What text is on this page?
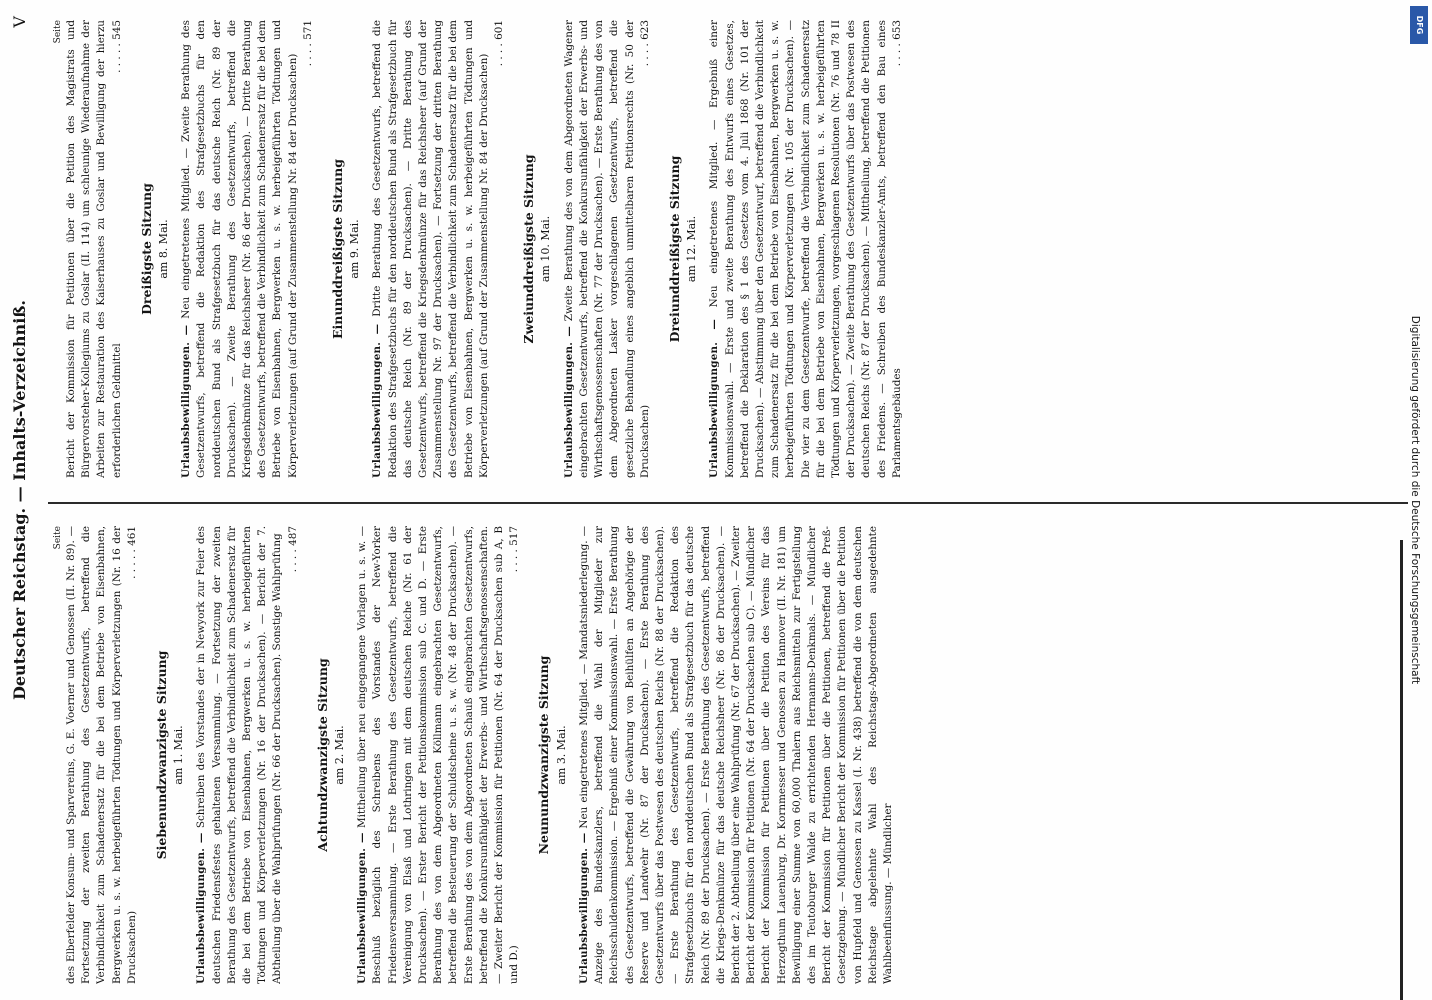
Deutscher Reichstag. — Inhalts-Verzeichniß.
V
Seite des Elberfelder Konsum- und Sparvereins, G. E. Voerner und Genossen (II. Nr. 89). — Fortsetzung der zweiten Berathung des Gesetzentwurfs, betreffend die Verbindlichkeit zum Schadenersatz für die bei dem Betriebe von Eisenbahnen, Bergwerken u. s. w. herbeigeführten Tödtungen und Körperverletzungen (Nr. 16 der Drucksachen)
. . . . . 461

Siebenundzwanzigste Sitzung am 1. Mai.

Urlaubsbewilligungen. — Schreiben des Vorstandes der in Newyork zur Feier des deutschen Friedensfestes gehaltenen Versammlung. — Fortsetzung der zweiten Berathung des Gesetzentwurfs, betreffend die Verbindlichkeit zum Schadenersatz für die bei dem Betriebe von Eisenbahnen, Bergwerken u. s. w. herbeigeführten Tödtungen und Körperverletzungen (Nr. 16 der Drucksachen). — Bericht der 7. Abtheilung über die Wahlprüfungen (Nr. 66 der Drucksachen). Sonstige Wahlprüfung . . . . 487

Achtundzwanzigste Sitzung am 2. Mai.

Urlaubsbewilligungen. — Mittheilung über neu eingegangene Vorlagen u. s. w. — Beschluß bezüglich des Schreibens des Vorstandes der New-Yorker Friedensversammlung. — Erste Berathung des Gesetzentwurfs, betreffend die Vereinigung von Elsaß und Lothringen mit dem deutschen Reiche (Nr. 61 der Drucksachen). — Erster Bericht der Petitionskommission sub C. und D. — Erste Berathung des von dem Abgeordneten Köllmann eingebrachten Gesetzentwurfs, betreffend die Besteuerung der Schuldscheine u. s. w. (Nr. 48 der Drucksachen). — Erste Berathung des von dem Abgeordneten Schauß eingebrachten Gesetzentwurfs, betreffend die Konkursunfähigkeit der Erwerbs- und Wirthschaftsgenossenschaften. — Zweiter Bericht der Kommission für Petitionen (Nr. 64 der Drucksachen sub A, B und D.)
. . . . 517

Neunundzwanzigste Sitzung am 3. Mai.

Urlaubsbewilligungen. — Neu eingetretenes Mitglied. — Mandatsniederlegung. — Anzeige des Bundeskanzlers, betreffend die Wahl der Mitglieder zur Reichsschuldenkommission. — Ergebniß einer Kommissionswahl. — Erste Berathung des Gesetzentwurfs, betreffend die Gewährung von Beihülfen an Angehörige der Reserve und Landwehr (Nr. 87 der Drucksachen). — Erste Berathung des Gesetzentwurfs über das Postwesen des deutschen Reichs (Nr. 88 der Drucksachen). — Erste Berathung des Gesetzentwurfs, betreffend die Redaktion des Strafgesetzbuchs für den norddeutschen Bund als Strafgesetzbuch für das deutsche Reich (Nr. 89 der Drucksachen). — Erste Berathung des Gesetzentwurfs, betreffend die Kriegs-Denkmünze für das deutsche Reichsheer (Nr. 86 der Drucksachen). — Bericht der 2. Abtheilung über eine Wahlprüfung (Nr. 67 der Drucksachen). — Zweiter Bericht der Kommission für Petitionen (Nr. 64 der Drucksachen sub C). — Mündlicher Bericht der Kommission für Petitionen über die Petition des Vereins für das Herzogthum Lauenburg, Dr. Kornmesser und Genossen zu Hannover (II. Nr. 181) um Bewilligung einer Summe von 60,000 Thalern aus Reichsmitteln zur Fertigstellung des im Teutoburger Walde zu errichtenden Hermanns-Denkmals. — Mündlicher Bericht der Kommission für Petitionen über die Petitionen, betreffend die Preß-Gesetzgebung. — Mündlicher Bericht der Kommission für Petitionen über die Petition von Hupfeld und Genossen zu Kassel (I. Nr. 438) betreffend die von dem deutschen Reichstage abgelehnte Wahl des Reichstags-Abgeordneten ausgedehnte Wahlbeeinflussung. — Mündlicher

Seite Bericht der Kommission für Petitionen über die Petition des Magistrats und Bürgervorsteher-Kollegiums zu Goslar (II. 114) um schleunige Wiederaufnahme der Arbeiten zur Restauration des Kaiserhauses zu Goslar und Bewilligung der hierzu erforderlichen Geldmittel
. . . . . 545

Dreißigste Sitzung am 8. Mai.

Urlaubsbewilligungen. — Neu eingetretenes Mitglied. — Zweite Berathung des Gesetzentwurfs, betreffend die Redaktion des Strafgesetzbuchs für den norddeutschen Bund als Strafgesetzbuch für das deutsche Reich (Nr. 89 der Drucksachen). — Zweite Berathung des Gesetzentwurfs, betreffend die Kriegsdenkmünze für das Reichsheer (Nr. 86 der Drucksachen). — Dritte Berathung des Gesetzentwurfs, betreffend die Verbindlichkeit zum Schadenersatz für die bei dem Betriebe von Eisenbahnen, Bergwerken u. s. w. herbeigeführten Tödtungen und Körperverletzungen (auf Grund der Zusammenstellung Nr. 84 der Drucksachen)
. . . . 571

Einunddreißigste Sitzung am 9. Mai.

Urlaubsbewilligungen. — Dritte Berathung des Gesetzentwurfs, betreffend die Redaktion des Strafgesetzbuchs für den norddeutschen Bund als Strafgesetzbuch für das deutsche Reich (Nr. 89 der Drucksachen). — Dritte Berathung des Gesetzentwurfs, betreffend die Kriegsdenkmünze für das Reichsheer (auf Grund der Zusammenstellung Nr. 97 der Drucksachen). — Fortsetzung der dritten Berathung des Gesetzentwurfs, betreffend die Verbindlichkeit zum Schadenersatz für die bei dem Betriebe von Eisenbahnen, Bergwerken u. s. w. herbeigeführten Tödtungen und Körperverletzungen (auf Grund der Zusammenstellung Nr. 84 der Drucksachen)
. . . . 601

Zweiunddreißigste Sitzung am 10. Mai.

Urlaubsbewilligungen. — Zweite Berathung des von dem Abgeordneten Wagener eingebrachten Gesetzentwurfs, betreffend die Konkursunfähigkeit der Erwerbs- und Wirthschaftsgenossenschaften (Nr. 77 der Drucksachen). — Erste Berathung des von dem Abgeordneten Lasker vorgeschlagenen Gesetzentwurfs, betreffend die gesetzliche Behandlung eines angeblich unmittelbaren Petitionsrechts (Nr. 50 der Drucksachen)
. . . . 623

Dreiunddreißigste Sitzung am 12. Mai.

Urlaubsbewilligungen. — Neu eingetretenes Mitglied. — Ergebniß einer Kommissionswahl. — Erste und zweite Berathung des Entwurfs eines Gesetzes, betreffend die Deklaration des § 1 des Gesetzes vom 4. Juli 1868 (Nr. 101 der Drucksachen). — Abstimmung über den Gesetzentwurf, betreffend die Verbindlichkeit zum Schadenersatz für die bei dem Betriebe von Eisenbahnen, Bergwerken u. s. w. herbeigeführten Tödtungen und Körperverletzungen (Nr. 105 der Drucksachen). — Die vier zu dem Gesetzentwurfe, betreffend die Verbindlichkeit zum Schadenersatz für die bei dem Betriebe von Eisenbahnen, Bergwerken u. s. w. herbeigeführten Tödtungen und Körperverletzungen, vorgeschlagenen Resolutionen (Nr. 76 und 78 II der Drucksachen). — Zweite Berathung des Gesetzentwurfs über das Postwesen des deutschen Reichs (Nr. 87 der Drucksachen). — Mittheilung, betreffend die Petitionen des Friedens. — Schreiben des Bundeskanzler-Amts, betreffend den Bau eines Parlamentsgebäudes
. . . . 653	DFG
Digitalisierung gefördert durch die Deutsche Forschungsgemeinschaft
